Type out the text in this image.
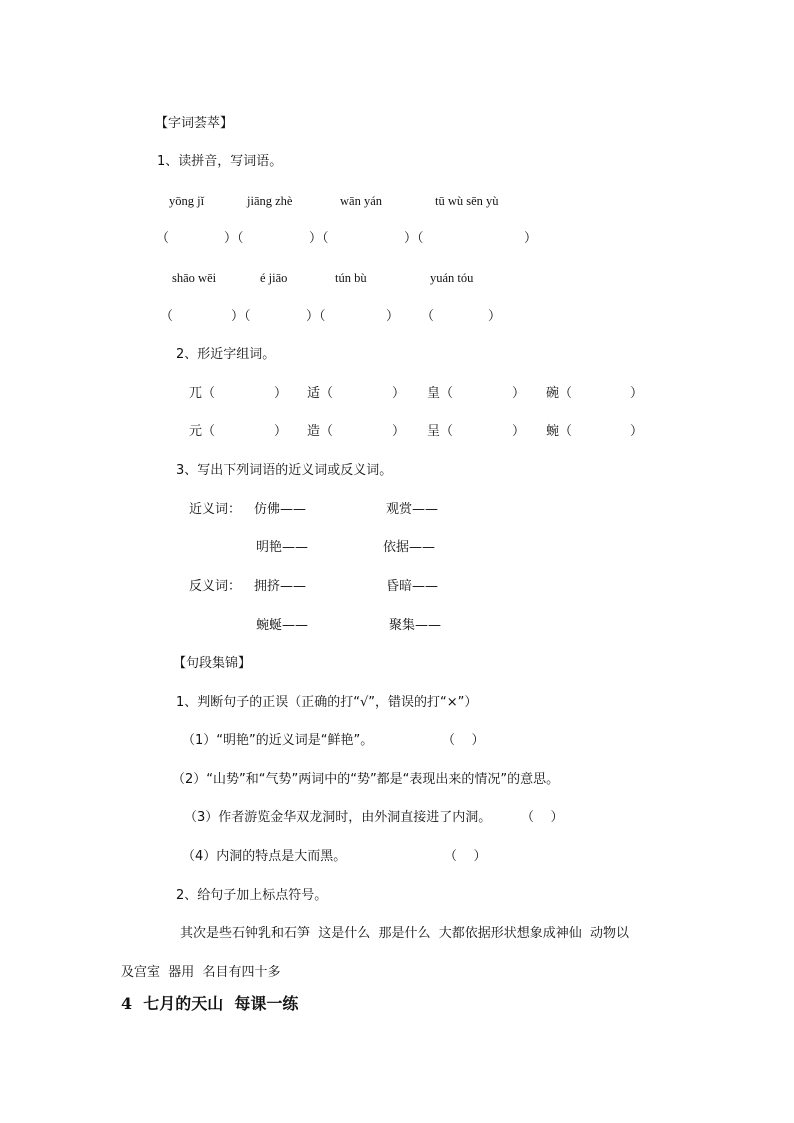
【字词荟萃】
1、读拼音，写词语。
yōng jǐ	jiāng zhè	wān yán	tū wù sēn yù
（	）（	）（	）（	）
shāo wēi	é jiāo	tún bù	yuán tóu
（	）（	）（	） （	）
2、形近字组词。
兀（	） 适（	） 皇（	） 碗（	）
元（	） 造（	） 呈（	） 蜿（	）
3、写出下列词语的近义词或反义词。
近义词： 仿佛——	观赏——
明艳——	依据——
反义词： 拥挤——	昏暗——
蜿蜒——	聚集——
【句段集锦】
1、判断句子的正误（正确的打“√”，错误的打“×”）
（1）“明艳”的近义词是“鲜艳”。	（    ）
（2）“山势”和“气势”两词中的“势”都是“表现出来的情况”的意思。
（3）作者游览金华双龙洞时，由外洞直接进了内洞。 （    ）
（4）内洞的特点是大而黑。	（    ）
2、给句子加上标点符号。
其次是些石钟乳和石笋  这是什么  那是什么  大都依据形状想象成神仙  动物以
及宫室  器用  名目有四十多
4  七月的天山  每课一练
